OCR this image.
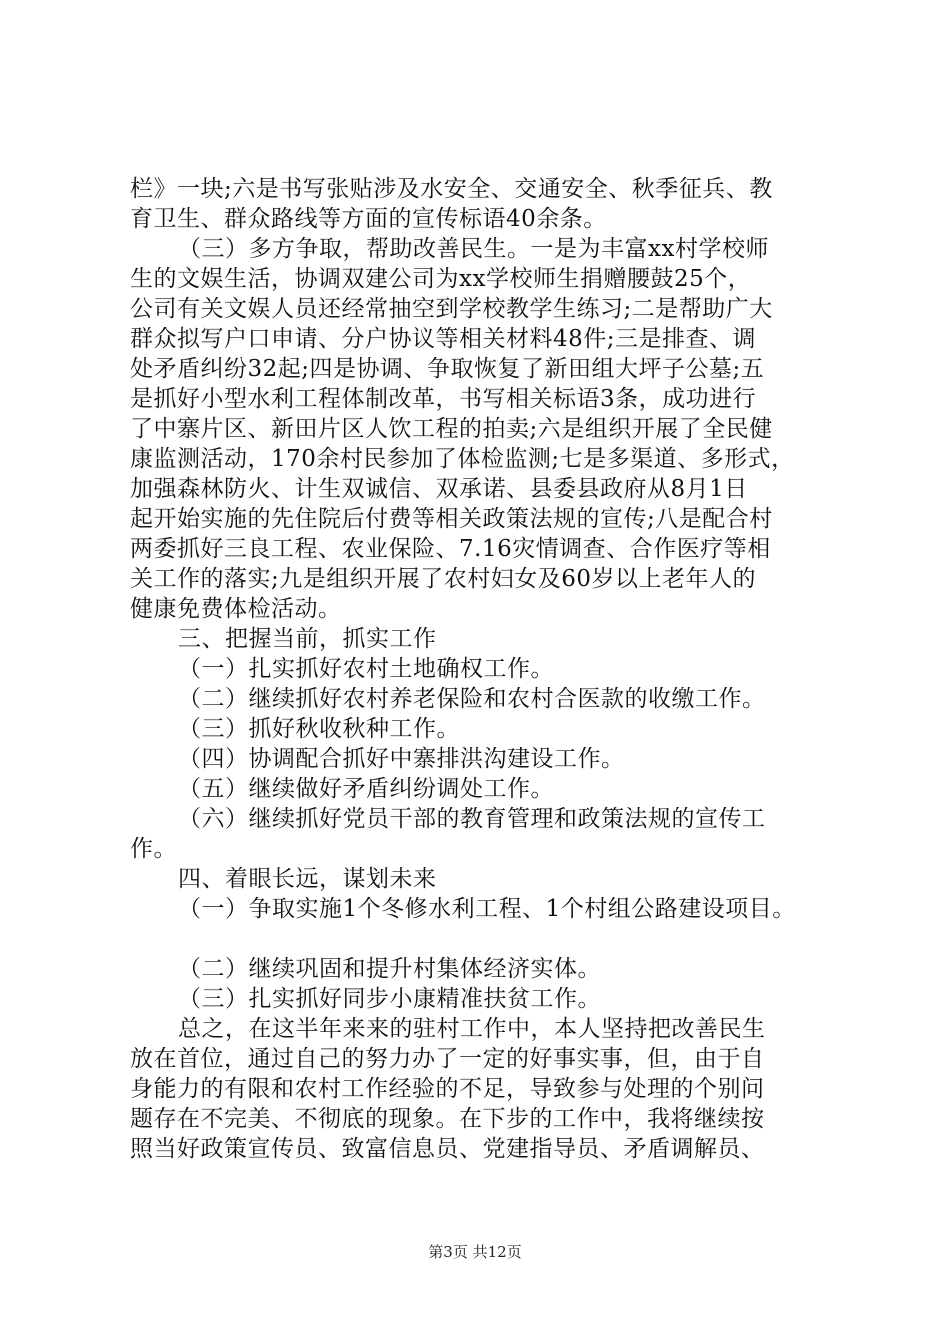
栏》一块;六是书写张贴涉及水安全、交通安全、秋季征兵、教
育卫生、群众路线等方面的宣传标语40余条。
（三）多方争取，帮助改善民生。一是为丰富xx村学校师
生的文娱生活，协调双建公司为xx学校师生捐赠腰鼓25个，
公司有关文娱人员还经常抽空到学校教学生练习;二是帮助广大
群众拟写户口申请、分户协议等相关材料48件;三是排查、调
处矛盾纠纷32起;四是协调、争取恢复了新田组大坪子公墓;五
是抓好小型水利工程体制改革，书写相关标语3条，成功进行
了中寨片区、新田片区人饮工程的拍卖;六是组织开展了全民健
康监测活动，170余村民参加了体检监测;七是多渠道、多形式，
加强森林防火、计生双诚信、双承诺、县委县政府从8月1日
起开始实施的先住院后付费等相关政策法规的宣传;八是配合村
两委抓好三良工程、农业保险、7.16灾情调查、合作医疗等相
关工作的落实;九是组织开展了农村妇女及60岁以上老年人的
健康免费体检活动。
三、把握当前，抓实工作
（一）扎实抓好农村土地确权工作。
（二）继续抓好农村养老保险和农村合医款的收缴工作。
（三）抓好秋收秋种工作。
（四）协调配合抓好中寨排洪沟建设工作。
（五）继续做好矛盾纠纷调处工作。
（六）继续抓好党员干部的教育管理和政策法规的宣传工
作。
四、着眼长远，谋划未来
（一）争取实施1个冬修水利工程、1个村组公路建设项目。
（二）继续巩固和提升村集体经济实体。
（三）扎实抓好同步小康精准扶贫工作。
总之，在这半年来来的驻村工作中，本人坚持把改善民生
放在首位，通过自己的努力办了一定的好事实事，但，由于自
身能力的有限和农村工作经验的不足，导致参与处理的个别问
题存在不完美、不彻底的现象。在下步的工作中，我将继续按
照当好政策宣传员、致富信息员、党建指导员、矛盾调解员、
第3页 共12页
